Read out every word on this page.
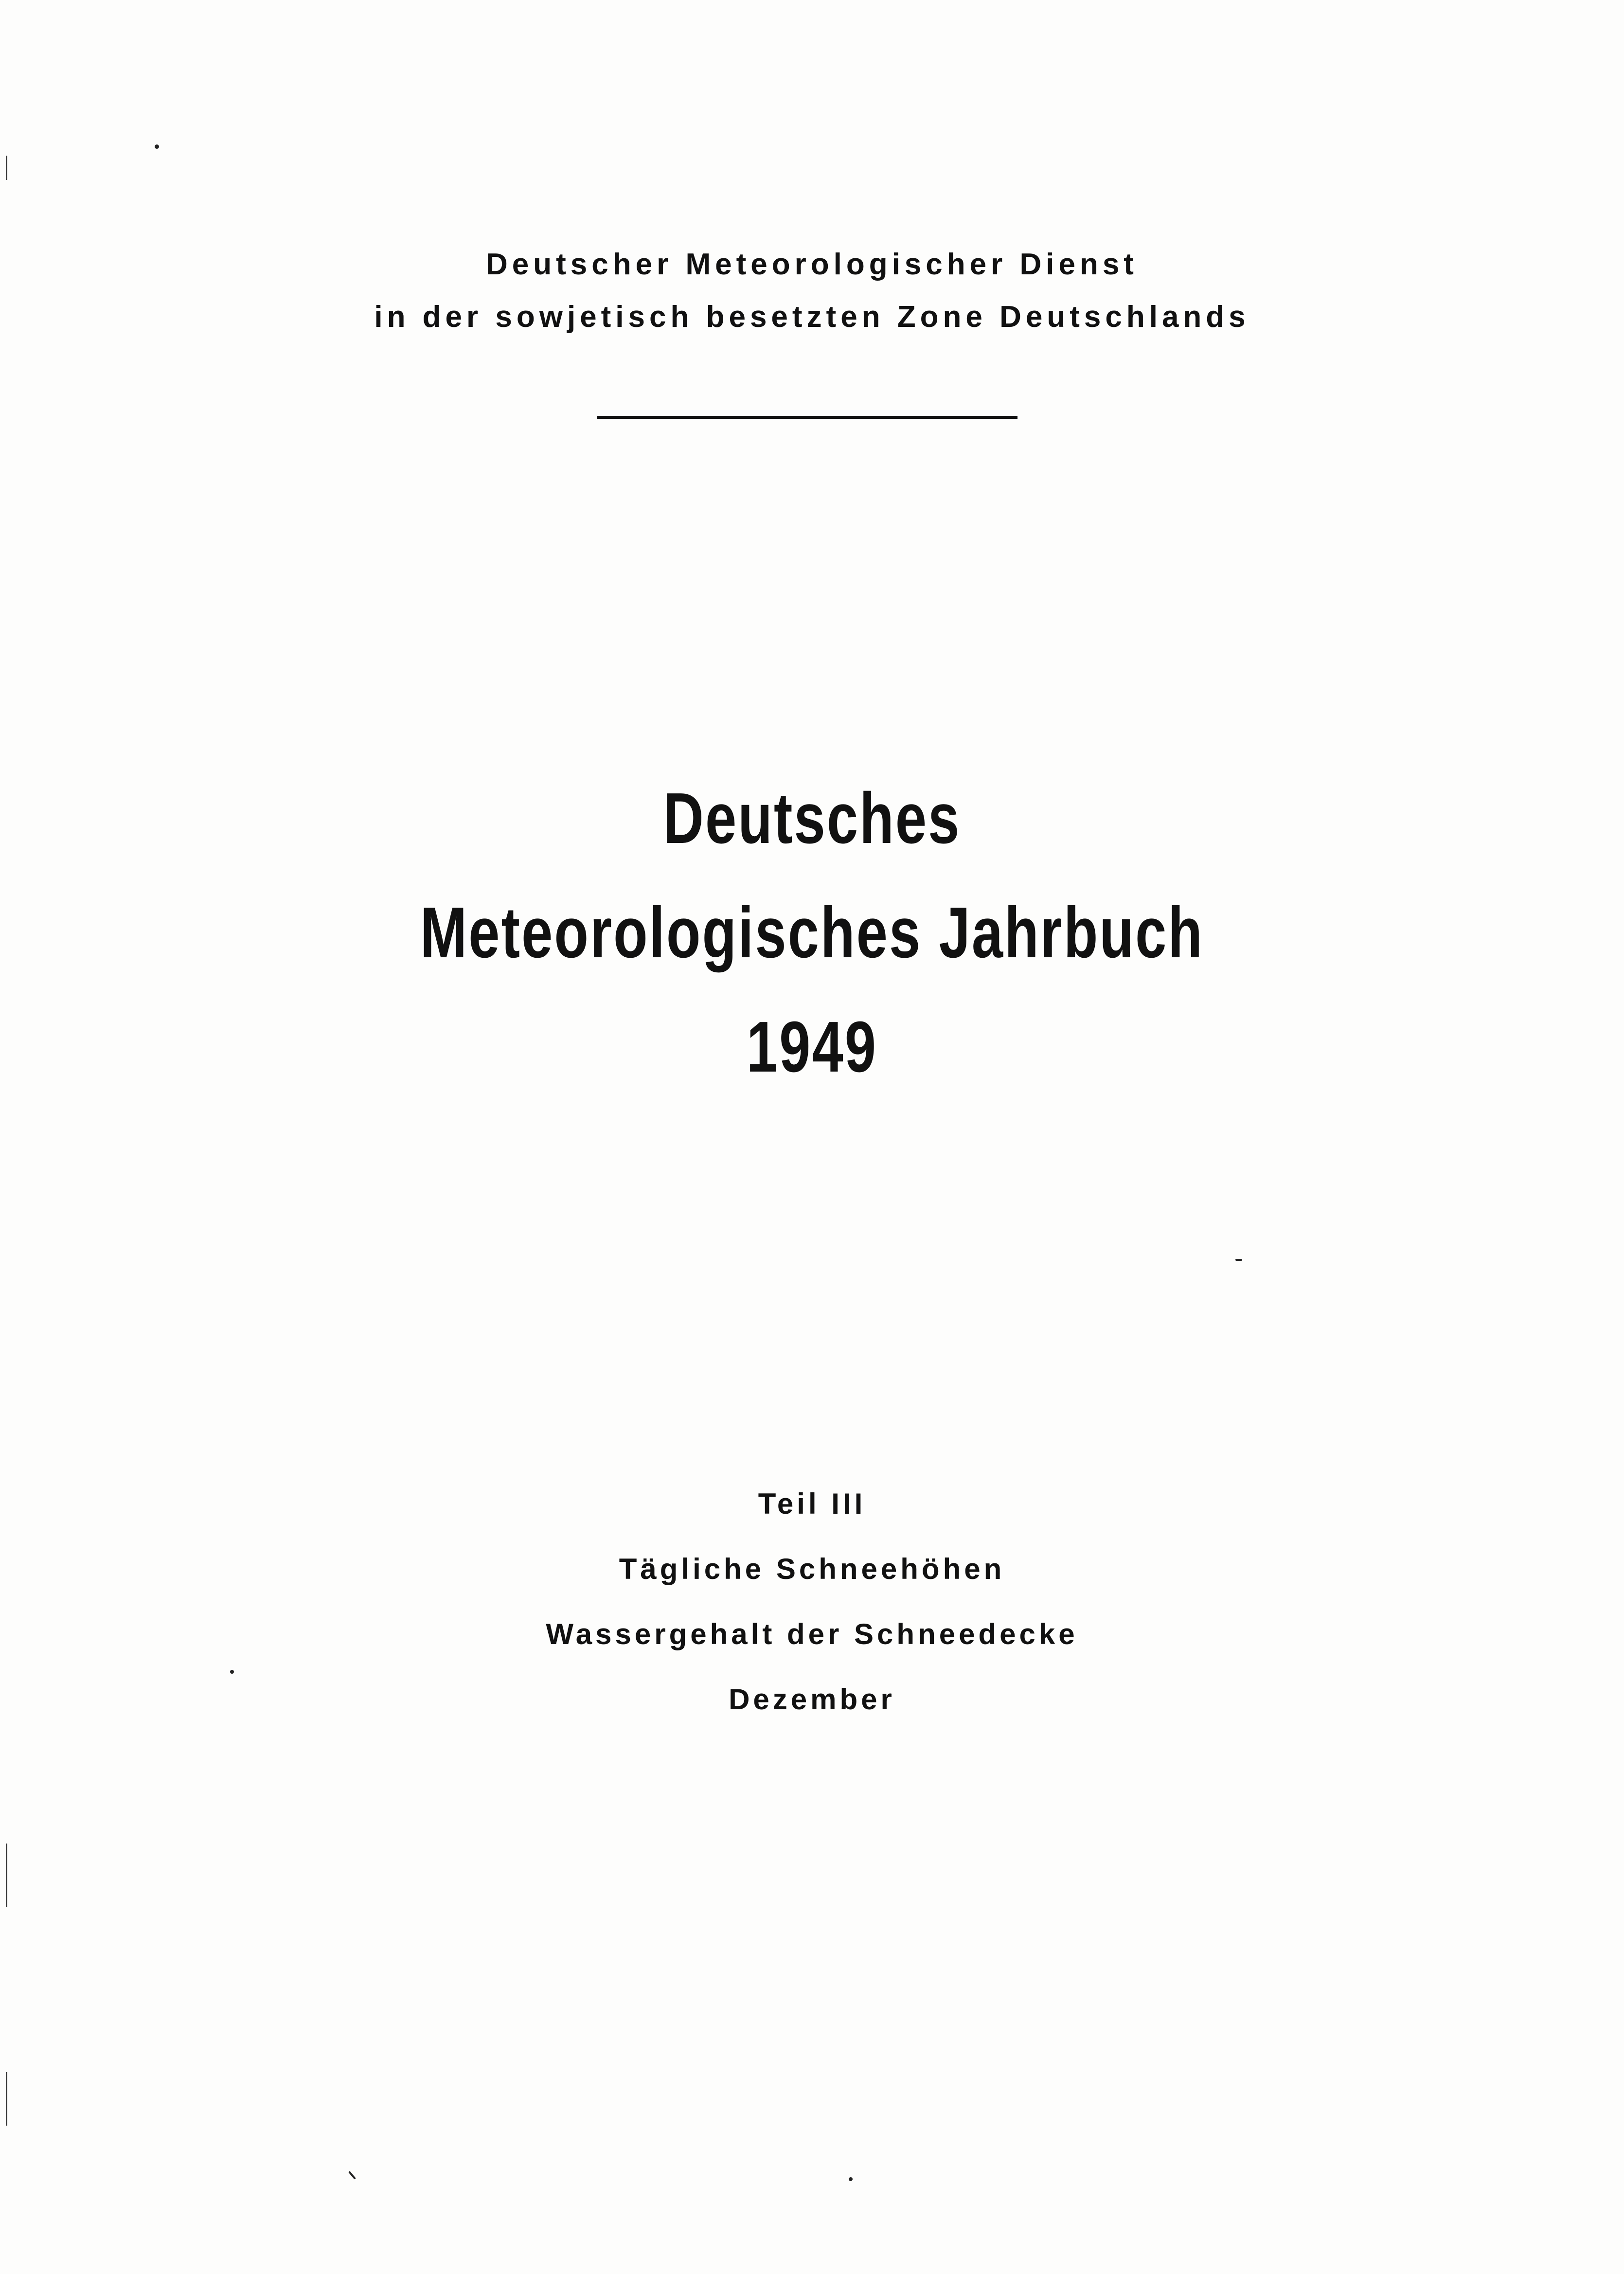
Deutscher Meteorologischer Dienst
in der sowjetisch besetzten Zone Deutschlands
Deutsches
Meteorologisches Jahrbuch
1949
Teil III
Tägliche Schneehöhen
Wassergehalt der Schneedecke
Dezember
